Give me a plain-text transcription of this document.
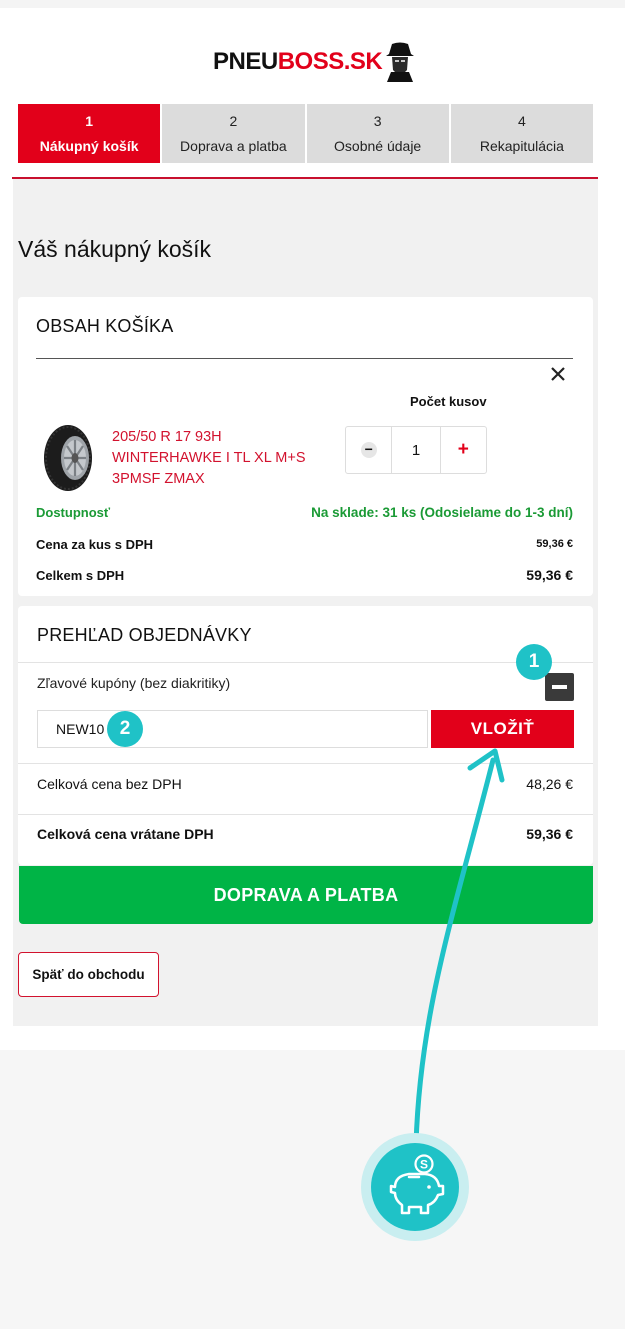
PNEU BOSS.SK
1
Nákupný košík
2
Doprava a platba
3
Osobné údaje
4
Rekapitulácia
Váš nákupný košík
OBSAH KOŠÍKA
Počet kusov
205/50 R 17 93H WINTERHAWKE I TL XL M+S 3PMSF ZMAX
−	1	+
Dostupnosť	Na sklade: 31 ks (Odosielame do 1-3 dní)
Cena za kus s DPH	59,36 €
Celkem s DPH	59,36 €
PREHĽAD OBJEDNÁVKY
Zľavové kupóny (bez diakritiky)
NEW10
VLOŽIŤ
Celková cena bez DPH	48,26 €
Celková cena vrátane DPH	59,36 €
DOPRAVA A PLATBA
Späť do obchodu
1
2
S
